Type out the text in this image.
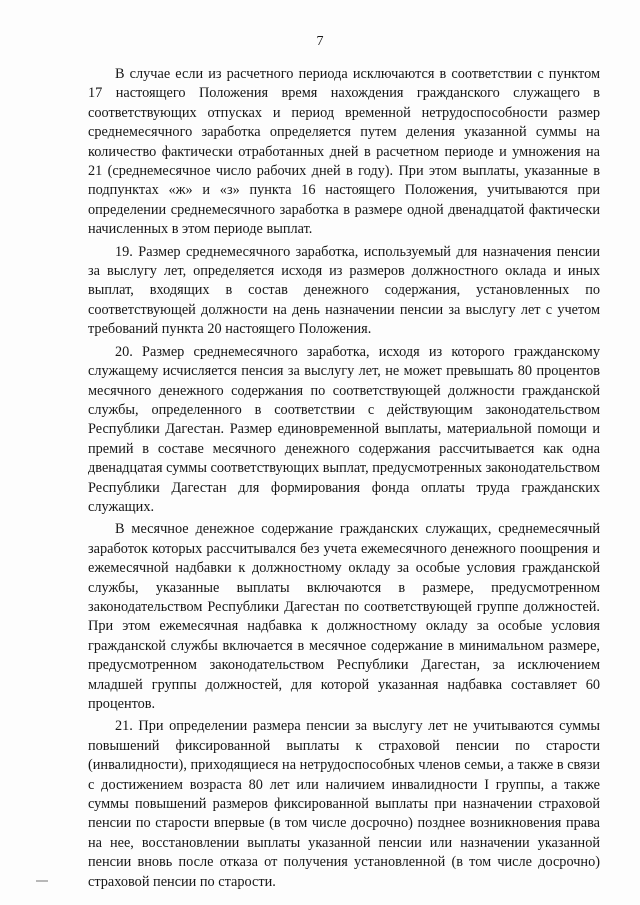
7

В случае если из расчетного периода исключаются в соответствии с пунктом 17 настоящего Положения время нахождения гражданского служащего в соответствующих отпусках и период временной нетрудоспособности размер среднемесячного заработка определяется путем деления указанной суммы на количество фактически отработанных дней в расчетном периоде и умножения на 21 (среднемесячное число рабочих дней в году). При этом выплаты, указанные в подпунктах «ж» и «з» пункта 16 настоящего Положения, учитываются при определении среднемесячного заработка в размере одной двенадцатой фактически начисленных в этом периоде выплат.

19. Размер среднемесячного заработка, используемый для назначения пенсии за выслугу лет, определяется исходя из размеров должностного оклада и иных выплат, входящих в состав денежного содержания, установленных по соответствующей должности на день назначении пенсии за выслугу лет с учетом требований пункта 20 настоящего Положения.

20. Размер среднемесячного заработка, исходя из которого гражданскому служащему исчисляется пенсия за выслугу лет, не может превышать 80 процентов месячного денежного содержания по соответствующей должности гражданской службы, определенного в соответствии с действующим законодательством Республики Дагестан. Размер единовременной выплаты, материальной помощи и премий в составе месячного денежного содержания рассчитывается как одна двенадцатая суммы соответствующих выплат, предусмотренных законодательством Республики Дагестан для формирования фонда оплаты труда гражданских служащих.

В месячное денежное содержание гражданских служащих, среднемесячный заработок которых рассчитывался без учета ежемесячного денежного поощрения и ежемесячной надбавки к должностному окладу за особые условия гражданской службы, указанные выплаты включаются в размере, предусмотренном законодательством Республики Дагестан по соответствующей группе должностей. При этом ежемесячная надбавка к должностному окладу за особые условия гражданской службы включается в месячное содержание в минимальном размере, предусмотренном законодательством Республики Дагестан, за исключением младшей группы должностей, для которой указанная надбавка составляет 60 процентов.

21. При определении размера пенсии за выслугу лет не учитываются суммы повышений фиксированной выплаты к страховой пенсии по старости (инвалидности), приходящиеся на нетрудоспособных членов семьи, а также в связи с достижением возраста 80 лет или наличием инвалидности I группы, а также суммы повышений размеров фиксированной выплаты при назначении страховой пенсии по старости впервые (в том числе досрочно) позднее возникновения права на нее, восстановлении выплаты указанной пенсии или назначении указанной пенсии вновь после отказа от получения установленной (в том числе досрочно) страховой пенсии по старости.
